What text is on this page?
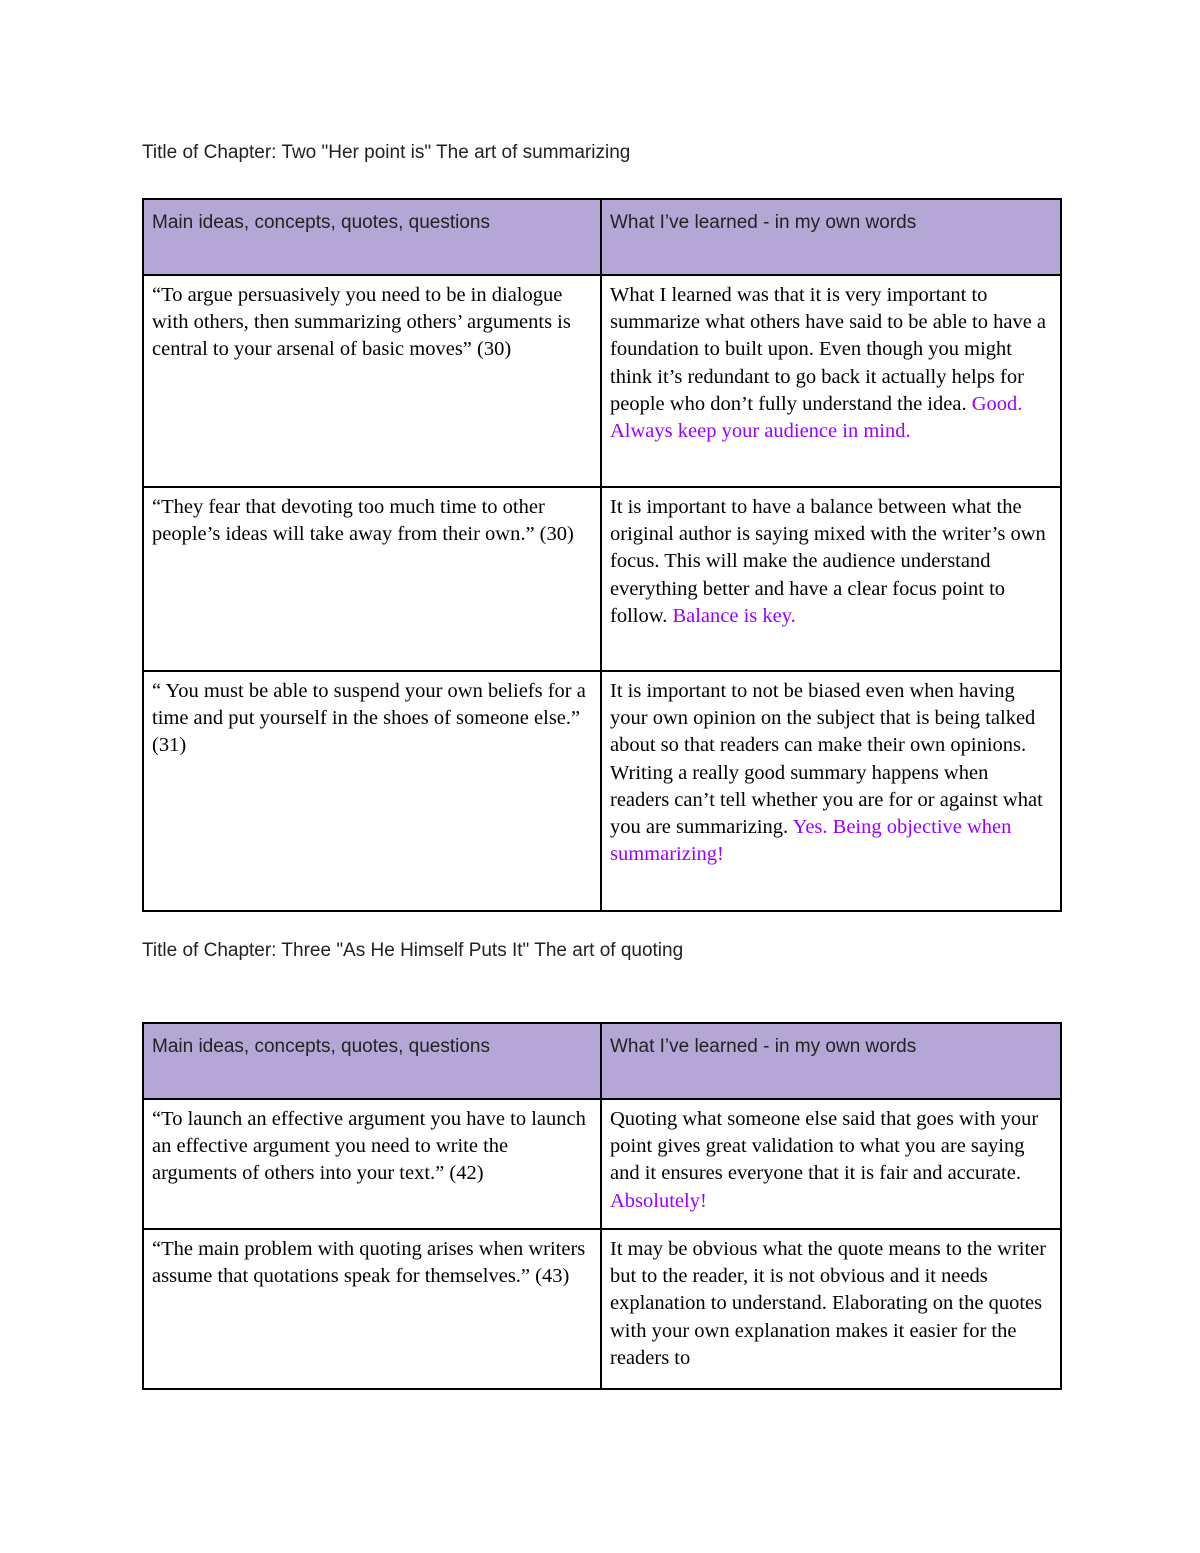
Title of Chapter: Two "Her point is" The art of summarizing
Main ideas, concepts, quotes, questions	What I’ve learned - in my own words
“To argue persuasively you need to be in dialogue with others, then summarizing others’ arguments is central to your arsenal of basic moves” (30)	What I learned was that it is very important to summarize what others have said to be able to have a foundation to built upon. Even though you might think it’s redundant to go back it actually helps for people who don’t fully understand the idea. Good. Always keep your audience in mind.
“They fear that devoting too much time to other people’s ideas will take away from their own.” (30)	It is important to have a balance between what the original author is saying mixed with the writer’s own focus. This will make the audience understand everything better and have a clear focus point to follow. Balance is key.
“ You must be able to suspend your own beliefs for a time and put yourself in the shoes of someone else.” (31)	It is important to not be biased even when having your own opinion on the subject that is being talked about so that readers can make their own opinions. Writing a really good summary happens when readers can’t tell whether you are for or against what you are summarizing. Yes. Being objective when summarizing!
Title of Chapter: Three "As He Himself Puts It" The art of quoting
Main ideas, concepts, quotes, questions	What I’ve learned - in my own words
“To launch an effective argument you have to launch an effective argument you need to write the arguments of others into your text.” (42)	Quoting what someone else said that goes with your point gives great validation to what you are saying and it ensures everyone that it is fair and accurate. Absolutely!
“The main problem with quoting arises when writers assume that quotations speak for themselves.” (43)	It may be obvious what the quote means to the writer but to the reader, it is not obvious and it needs explanation to understand. Elaborating on the quotes with your own explanation makes it easier for the readers to
